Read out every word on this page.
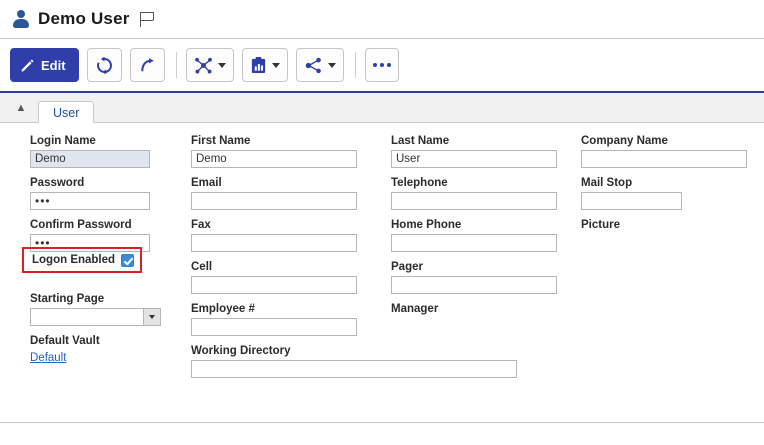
Demo User
Edit
▲	User
Login Name
Demo
Password
•••
Confirm Password
•••
Starting Page
Default Vault
Default
Logon Enabled
First Name
Demo
Email
Fax
Cell
Employee #
Working Directory
Last Name
User
Telephone
Home Phone
Pager
Manager
Company Name
Mail Stop
Picture
